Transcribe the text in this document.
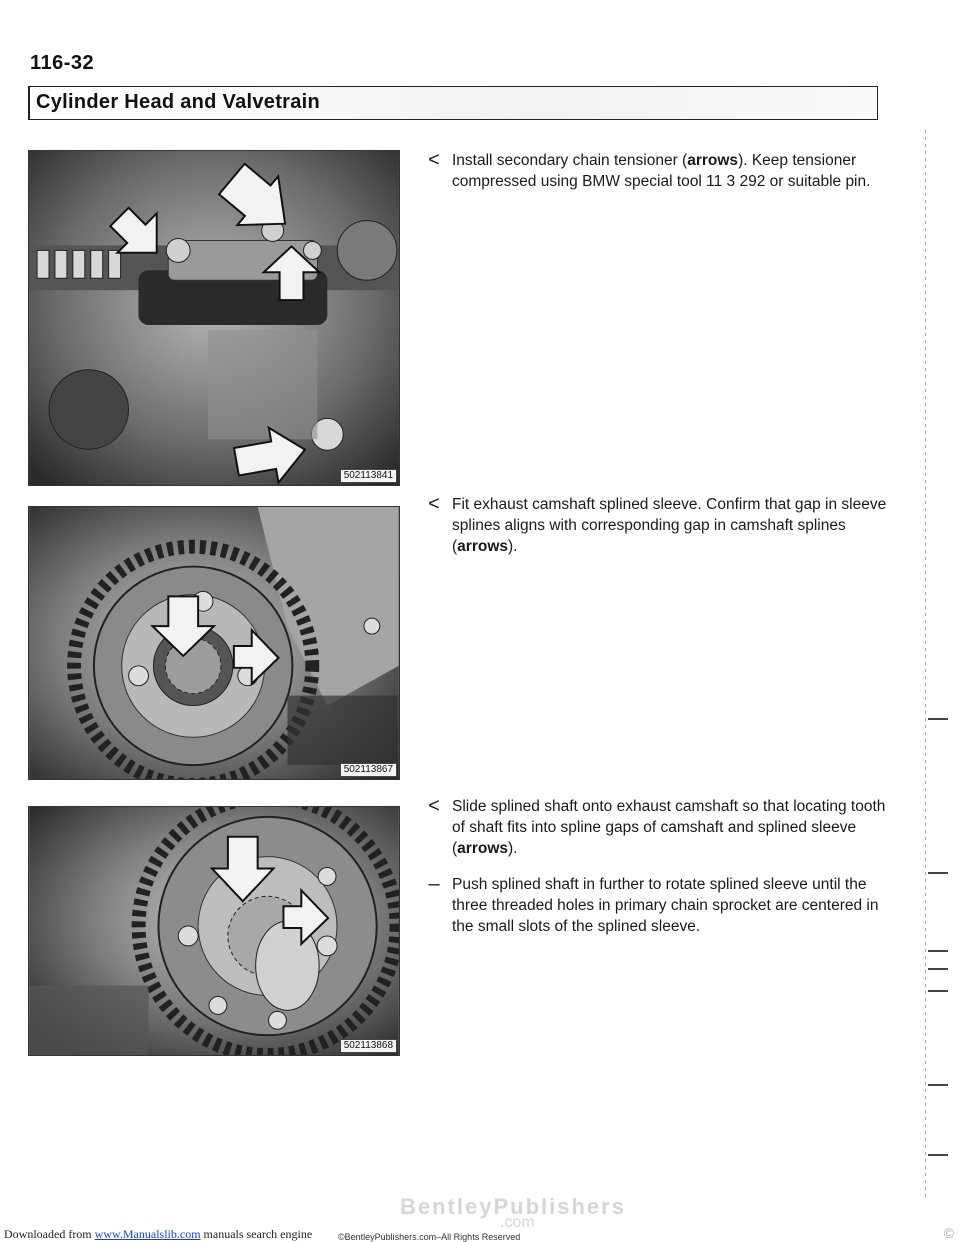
116-32
Cylinder Head and Valvetrain
502113841
502113867
502113868
< Install secondary chain tensioner (arrows). Keep tensioner compressed using BMW special tool 11 3 292 or suitable pin.
< Fit exhaust camshaft splined sleeve. Confirm that gap in sleeve splines aligns with corresponding gap in camshaft splines (arrows).
< Slide splined shaft onto exhaust camshaft so that locating tooth of shaft fits into spline gaps of camshaft and splined sleeve (arrows).
– Push splined shaft in further to rotate splined sleeve until the three threaded holes in primary chain sprocket are centered in the small slots of the splined sleeve.
BentleyPublishers
.com
©BentleyPublishers.com–All Rights Reserved
Downloaded from www.Manualslib.com manuals search engine	©
